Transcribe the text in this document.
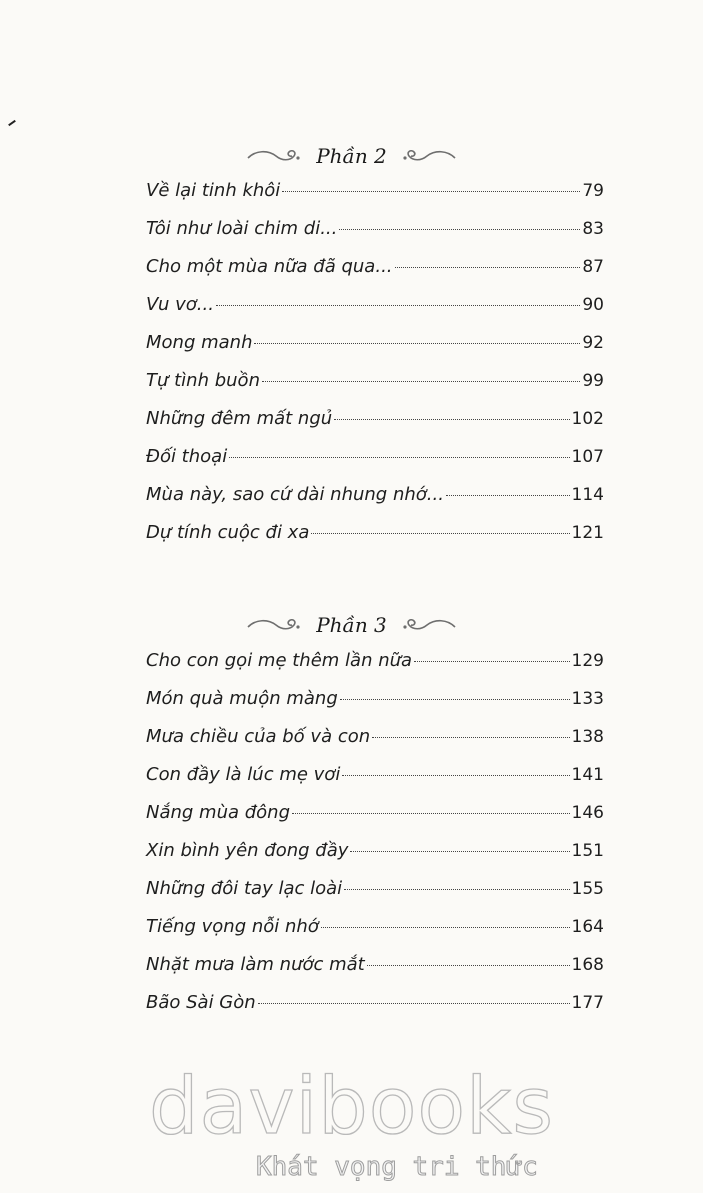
Phần 2
Về lại tinh khôi	79
Tôi như loài chim di...	83
Cho một mùa nữa đã qua...	87
Vu vơ...	90
Mong manh	92
Tự tình buồn	99
Những đêm mất ngủ	102
Đối thoại	107
Mùa này, sao cứ dài nhung nhớ...	114
Dự tính cuộc đi xa	121
Phần 3
Cho con gọi mẹ thêm lần nữa	129
Món quà muộn màng	133
Mưa chiều của bố và con	138
Con đầy là lúc mẹ vơi	141
Nắng mùa đông	146
Xin bình yên đong đầy	151
Những đôi tay lạc loài	155
Tiếng vọng nỗi nhớ	164
Nhặt mưa làm nước mắt	168
Bão Sài Gòn	177
davibooks
Khát vọng tri thức
